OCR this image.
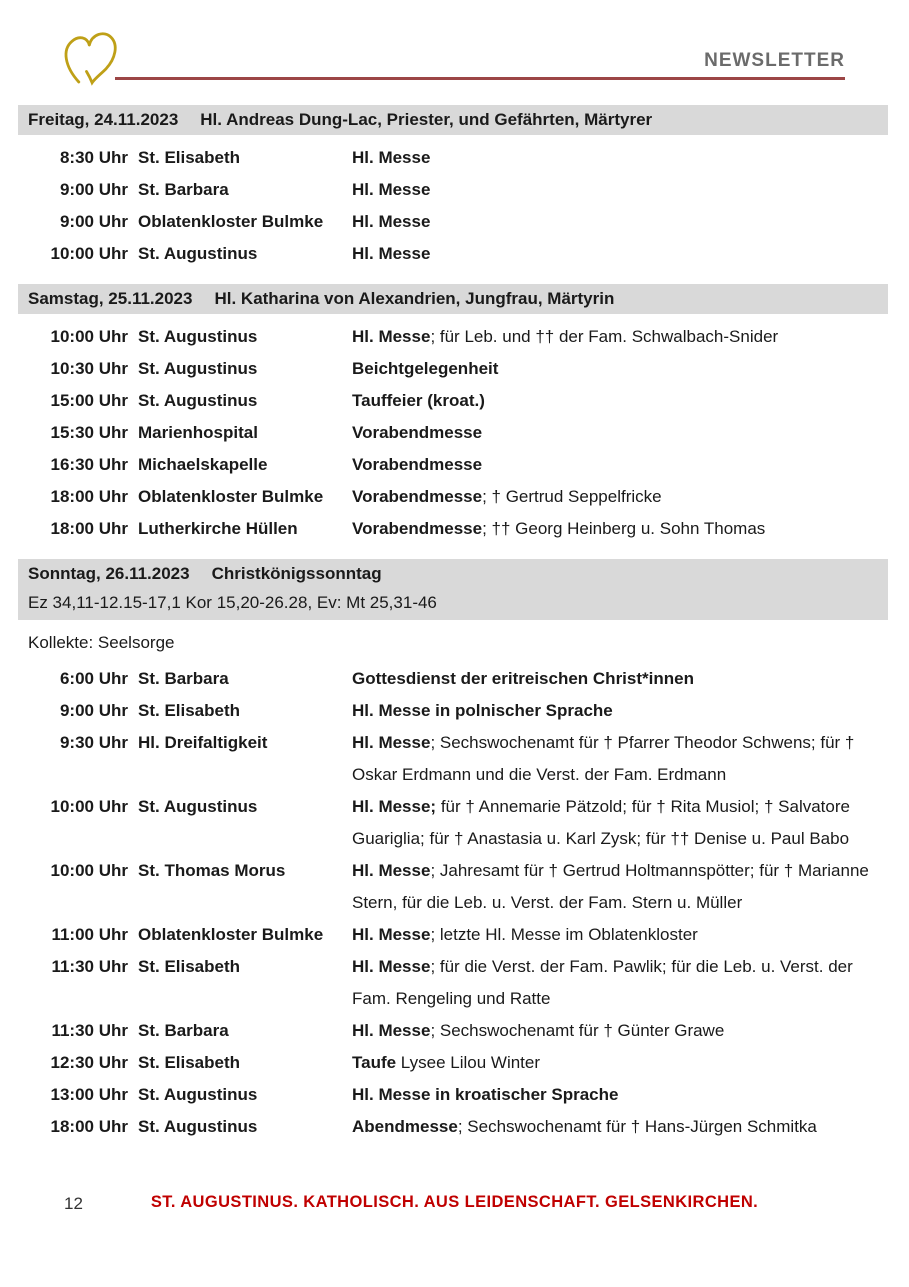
NEWSLETTER
Freitag, 24.11.2023 Hl. Andreas Dung-Lac, Priester, und Gefährten, Märtyrer
8:30 Uhr St. Elisabeth	Hl. Messe
9:00 Uhr St. Barbara	Hl. Messe
9:00 Uhr Oblatenkloster Bulmke	Hl. Messe
10:00 Uhr St. Augustinus	Hl. Messe
Samstag, 25.11.2023 Hl. Katharina von Alexandrien, Jungfrau, Märtyrin
10:00 Uhr St. Augustinus	Hl. Messe; für Leb. und †† der Fam. Schwalbach-Snider
10:30 Uhr St. Augustinus	Beichtgelegenheit
15:00 Uhr St. Augustinus	Tauffeier (kroat.)
15:30 Uhr Marienhospital	Vorabendmesse
16:30 Uhr Michaelskapelle	Vorabendmesse
18:00 Uhr Oblatenkloster Bulmke	Vorabendmesse; † Gertrud Seppelfricke
18:00 Uhr Lutherkirche Hüllen	Vorabendmesse; †† Georg Heinberg u. Sohn Thomas
Sonntag, 26.11.2023 Christkönigssonntag
Ez 34,11-12.15-17,1 Kor 15,20-26.28, Ev: Mt 25,31-46
Kollekte: Seelsorge
6:00 Uhr St. Barbara	Gottesdienst der eritreischen Christ*innen
9:00 Uhr St. Elisabeth	Hl. Messe in polnischer Sprache
9:30 Uhr Hl. Dreifaltigkeit	Hl. Messe; Sechswochenamt für † Pfarrer Theodor Schwens; für † Oskar Erdmann und die Verst. der Fam. Erdmann
10:00 Uhr St. Augustinus	Hl. Messe; für † Annemarie Pätzold; für † Rita Musiol; † Salvatore Guariglia; für † Anastasia u. Karl Zysk; für †† Denise u. Paul Babo
10:00 Uhr St. Thomas Morus	Hl. Messe; Jahresamt für † Gertrud Holtmannspötter; für † Marianne Stern, für die Leb. u. Verst. der Fam. Stern u. Müller
11:00 Uhr Oblatenkloster Bulmke	Hl. Messe; letzte Hl. Messe im Oblatenkloster
11:30 Uhr St. Elisabeth	Hl. Messe; für die Verst. der Fam. Pawlik; für die Leb. u. Verst. der Fam. Rengeling und Ratte
11:30 Uhr St. Barbara	Hl. Messe; Sechswochenamt für † Günter Grawe
12:30 Uhr St. Elisabeth	Taufe Lysee Lilou Winter
13:00 Uhr St. Augustinus	Hl. Messe in kroatischer Sprache
18:00 Uhr St. Augustinus	Abendmesse; Sechswochenamt für † Hans-Jürgen Schmitka
12	ST. AUGUSTINUS. KATHOLISCH. AUS LEIDENSCHAFT. GELSENKIRCHEN.
